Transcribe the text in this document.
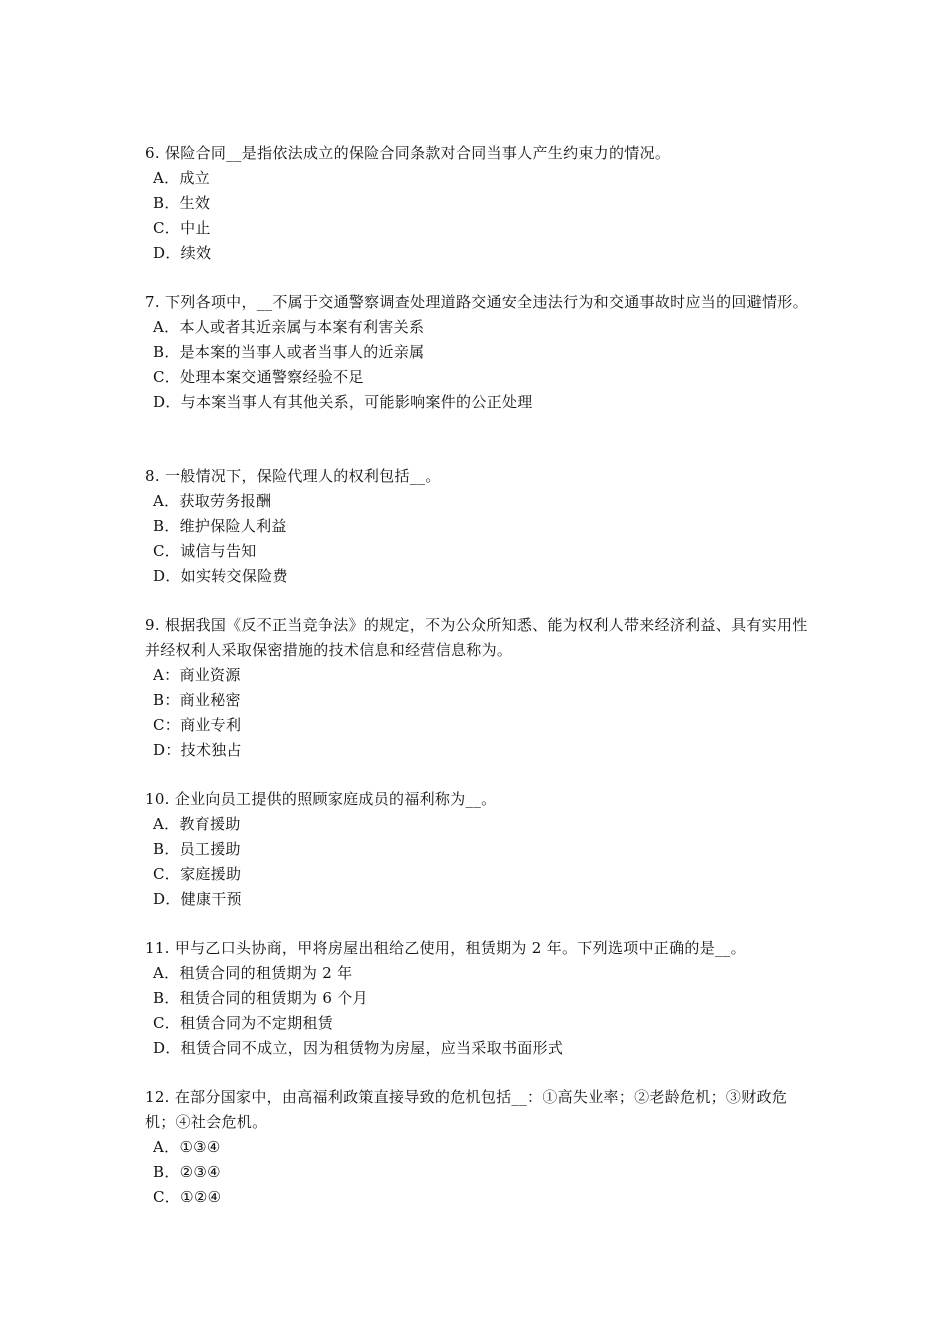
6. 保险合同__是指依法成立的保险合同条款对合同当事人产生约束力的情况。

A．成立
B．生效
C．中止
D．续效

7. 下列各项中，__不属于交通警察调查处理道路交通安全违法行为和交通事故时应当的回避情形。

A．本人或者其近亲属与本案有利害关系
B．是本案的当事人或者当事人的近亲属
C．处理本案交通警察经验不足
D．与本案当事人有其他关系，可能影响案件的公正处理

8. 一般情况下，保险代理人的权利包括__。

A．获取劳务报酬
B．维护保险人利益
C．诚信与告知
D．如实转交保险费

9. 根据我国《反不正当竞争法》的规定，不为公众所知悉、能为权利人带来经济利益、具有实用性并经权利人采取保密措施的技术信息和经营信息称为。

A：商业资源
B：商业秘密
C：商业专利
D：技术独占

10. 企业向员工提供的照顾家庭成员的福利称为__。

A．教育援助
B．员工援助
C．家庭援助
D．健康干预

11. 甲与乙口头协商，甲将房屋出租给乙使用，租赁期为 2 年。下列选项中正确的是__。

A．租赁合同的租赁期为 2 年
B．租赁合同的租赁期为 6 个月
C．租赁合同为不定期租赁
D．租赁合同不成立，因为租赁物为房屋，应当采取书面形式

12. 在部分国家中，由高福利政策直接导致的危机包括__：①高失业率；②老龄危机；③财政危机；④社会危机。

A．①③④
B．②③④
C．①②④
